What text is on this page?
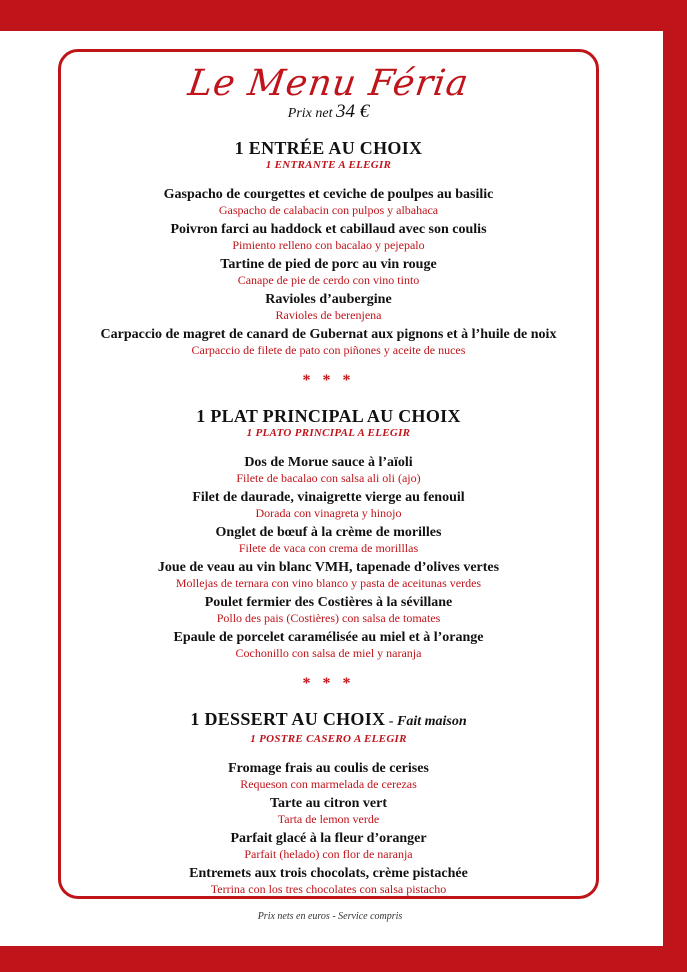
Le Menu Féria
Prix net 34 €
1 ENTRÉE AU CHOIX
1 ENTRANTE A ELEGIR
Gaspacho de courgettes et ceviche de poulpes au basilic
Gaspacho de calabacin con pulpos y albahaca
Poivron farci au haddock et cabillaud avec son coulis
Pimiento relleno con bacalao y pejepalo
Tartine de pied de porc au vin rouge
Canape de pie de cerdo con vino tinto
Ravioles d’aubergine
Ravioles de berenjena
Carpaccio de magret de canard de Gubernat aux pignons et à l’huile de noix
Carpaccio de filete de pato con piñones y aceite de nuces
* * *
1 PLAT PRINCIPAL AU CHOIX
1 PLATO PRINCIPAL A ELEGIR
Dos de Morue sauce à l’aïoli
Filete de bacalao con salsa ali oli (ajo)
Filet de daurade, vinaigrette vierge au fenouil
Dorada con vinagreta y hinojo
Onglet de bœuf à la crème de morilles
Filete de vaca con crema de morilllas
Joue de veau au vin blanc VMH, tapenade d’olives vertes
Mollejas de ternara con vino blanco y pasta de aceitunas verdes
Poulet fermier des Costières à la sévillane
Pollo des pais (Costières) con salsa de tomates
Epaule de porcelet caramélisée au miel et à l’orange
Cochonillo con salsa de miel y naranja
* * *
1 DESSERT AU CHOIX - Fait maison
1 POSTRE CASERO A ELEGIR
Fromage frais au coulis de cerises
Requeson con marmelada de cerezas
Tarte au citron vert
Tarta de lemon verde
Parfait glacé à la fleur d’oranger
Parfait (helado) con flor de naranja
Entremets aux trois chocolats, crème pistachée
Terrina con los tres chocolates con salsa pistacho
Prix nets en euros - Service compris
